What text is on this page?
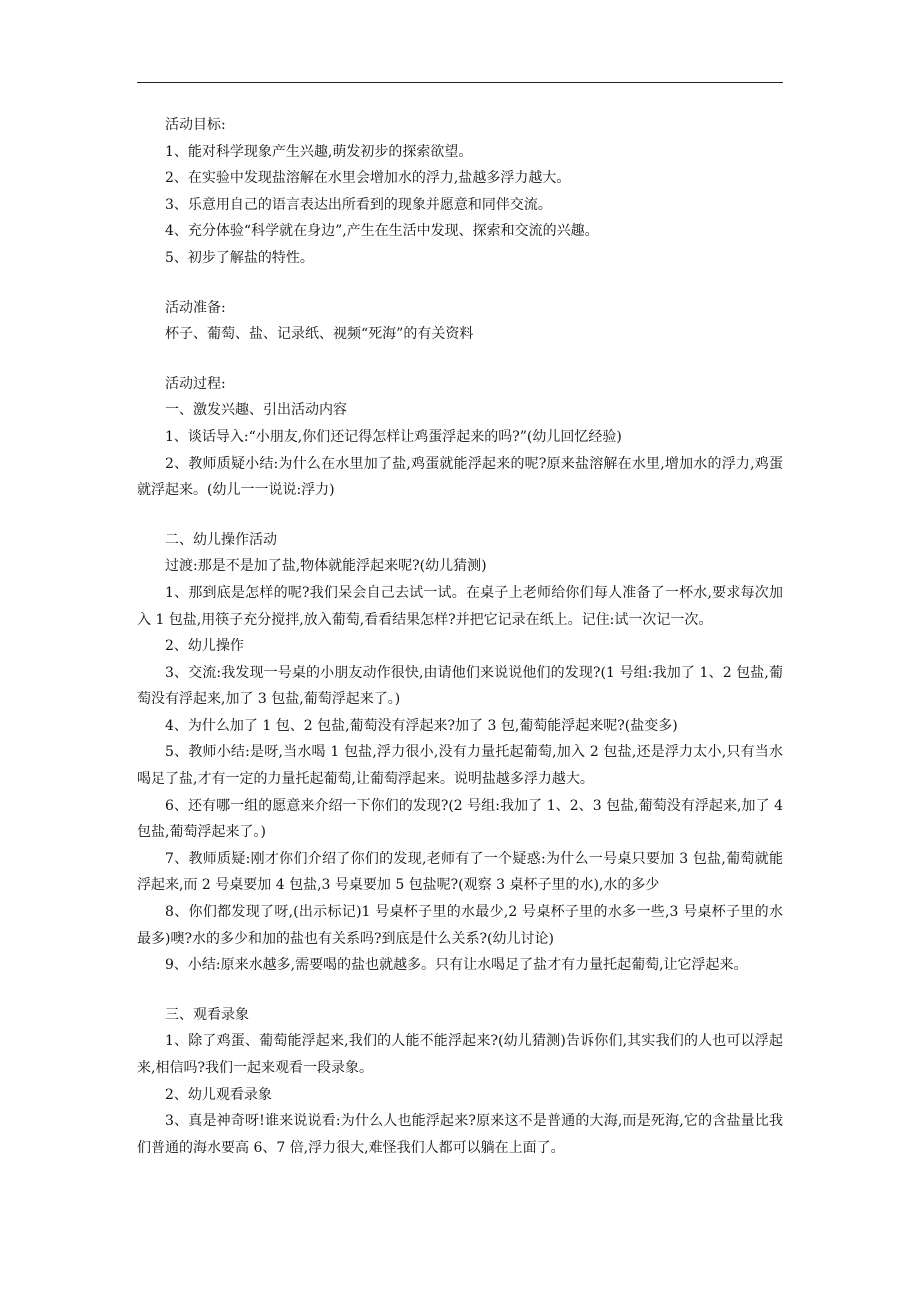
活动目标:

1、能对科学现象产生兴趣,萌发初步的探索欲望。

2、在实验中发现盐溶解在水里会增加水的浮力,盐越多浮力越大。

3、乐意用自己的语言表达出所看到的现象并愿意和同伴交流。

4、充分体验“科学就在身边”,产生在生活中发现、探索和交流的兴趣。

5、初步了解盐的特性。

活动准备:

杯子、葡萄、盐、记录纸、视频“死海”的有关资料

活动过程:

一、激发兴趣、引出活动内容

1、谈话导入:“小朋友,你们还记得怎样让鸡蛋浮起来的吗?”(幼儿回忆经验)

2、教师质疑小结:为什么在水里加了盐,鸡蛋就能浮起来的呢?原来盐溶解在水里,增加水的浮力,鸡蛋就浮起来。(幼儿一一说说:浮力)

二、幼儿操作活动

过渡:那是不是加了盐,物体就能浮起来呢?(幼儿猜测)

1、那到底是怎样的呢?我们呆会自己去试一试。在桌子上老师给你们每人准备了一杯水,要求每次加入 1 包盐,用筷子充分搅拌,放入葡萄,看看结果怎样?并把它记录在纸上。记住:试一次记一次。

2、幼儿操作

3、交流:我发现一号桌的小朋友动作很快,由请他们来说说他们的发现?(1 号组:我加了 1、2 包盐,葡萄没有浮起来,加了 3 包盐,葡萄浮起来了。)

4、为什么加了 1 包、2 包盐,葡萄没有浮起来?加了 3 包,葡萄能浮起来呢?(盐变多)

5、教师小结:是呀,当水喝 1 包盐,浮力很小,没有力量托起葡萄,加入 2 包盐,还是浮力太小,只有当水喝足了盐,才有一定的力量托起葡萄,让葡萄浮起来。说明盐越多浮力越大。

6、还有哪一组的愿意来介绍一下你们的发现?(2 号组:我加了 1、2、3 包盐,葡萄没有浮起来,加了 4 包盐,葡萄浮起来了。)

7、教师质疑:刚才你们介绍了你们的发现,老师有了一个疑惑:为什么一号桌只要加 3 包盐,葡萄就能浮起来,而 2 号桌要加 4 包盐,3 号桌要加 5 包盐呢?(观察 3 桌杯子里的水),水的多少

8、你们都发现了呀,(出示标记)1 号桌杯子里的水最少,2 号桌杯子里的水多一些,3 号桌杯子里的水最多)噢?水的多少和加的盐也有关系吗?到底是什么关系?(幼儿讨论)

9、小结:原来水越多,需要喝的盐也就越多。只有让水喝足了盐才有力量托起葡萄,让它浮起来。

三、观看录象

1、除了鸡蛋、葡萄能浮起来,我们的人能不能浮起来?(幼儿猜测)告诉你们,其实我们的人也可以浮起来,相信吗?我们一起来观看一段录象。

2、幼儿观看录象

3、真是神奇呀!谁来说说看:为什么人也能浮起来?原来这不是普通的大海,而是死海,它的含盐量比我们普通的海水要高 6、7 倍,浮力很大,难怪我们人都可以躺在上面了。
